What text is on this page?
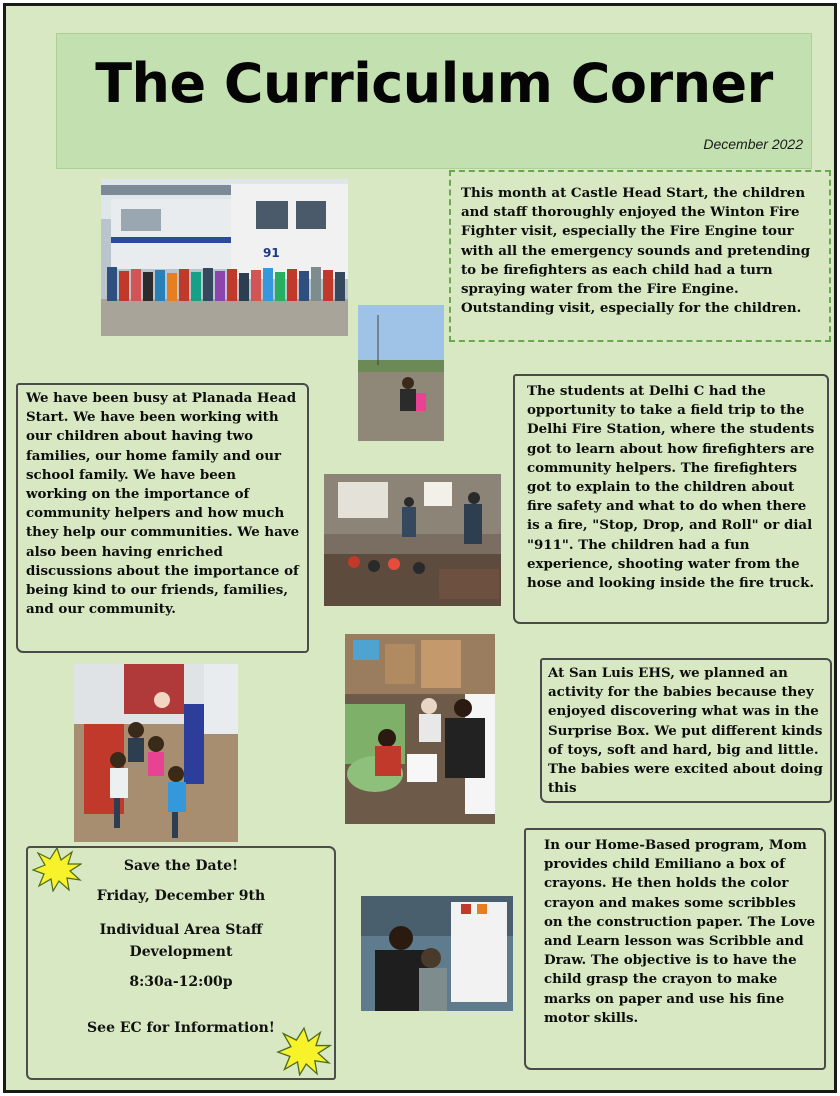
The Curriculum Corner
December 2022
91
This month at Castle Head Start, the children and staff thoroughly enjoyed the Winton Fire Fighter visit, especially the Fire Engine tour with all the emergency sounds and pretending to be firefighters as each child had a turn spraying water from the Fire Engine. Outstanding visit, especially for the children.
We have been busy at Planada Head Start. We have been working with our children about having two families, our home family and our school family. We have been working on the importance of community helpers and how much they help our communities. We have also been having enriched discussions about the importance of being kind to our friends, families, and our community.
The students at Delhi C had the opportunity to take a field trip to the Delhi Fire Station, where the students got to learn about how firefighters are community helpers. The firefighters got to explain to the children about fire safety and what to do when there is a fire, "Stop, Drop, and Roll" or dial "911". The children had a fun experience, shooting water from the hose and looking inside the fire truck.
At San Luis EHS, we planned an activity for the babies because they enjoyed discovering what was in the Surprise Box. We put different kinds of toys, soft and hard, big and little. The babies were excited about doing this
Save the Date!
Friday, December 9th
Individual Area Staff
Development
8:30a-12:00p
See EC for Information!
In our Home-Based program, Mom provides child Emiliano a box of crayons. He then holds the color crayon and makes some scribbles on the construction paper. The Love and Learn lesson was Scribble and Draw. The objective is to have the child grasp the crayon to make marks on paper and use his fine motor skills.
